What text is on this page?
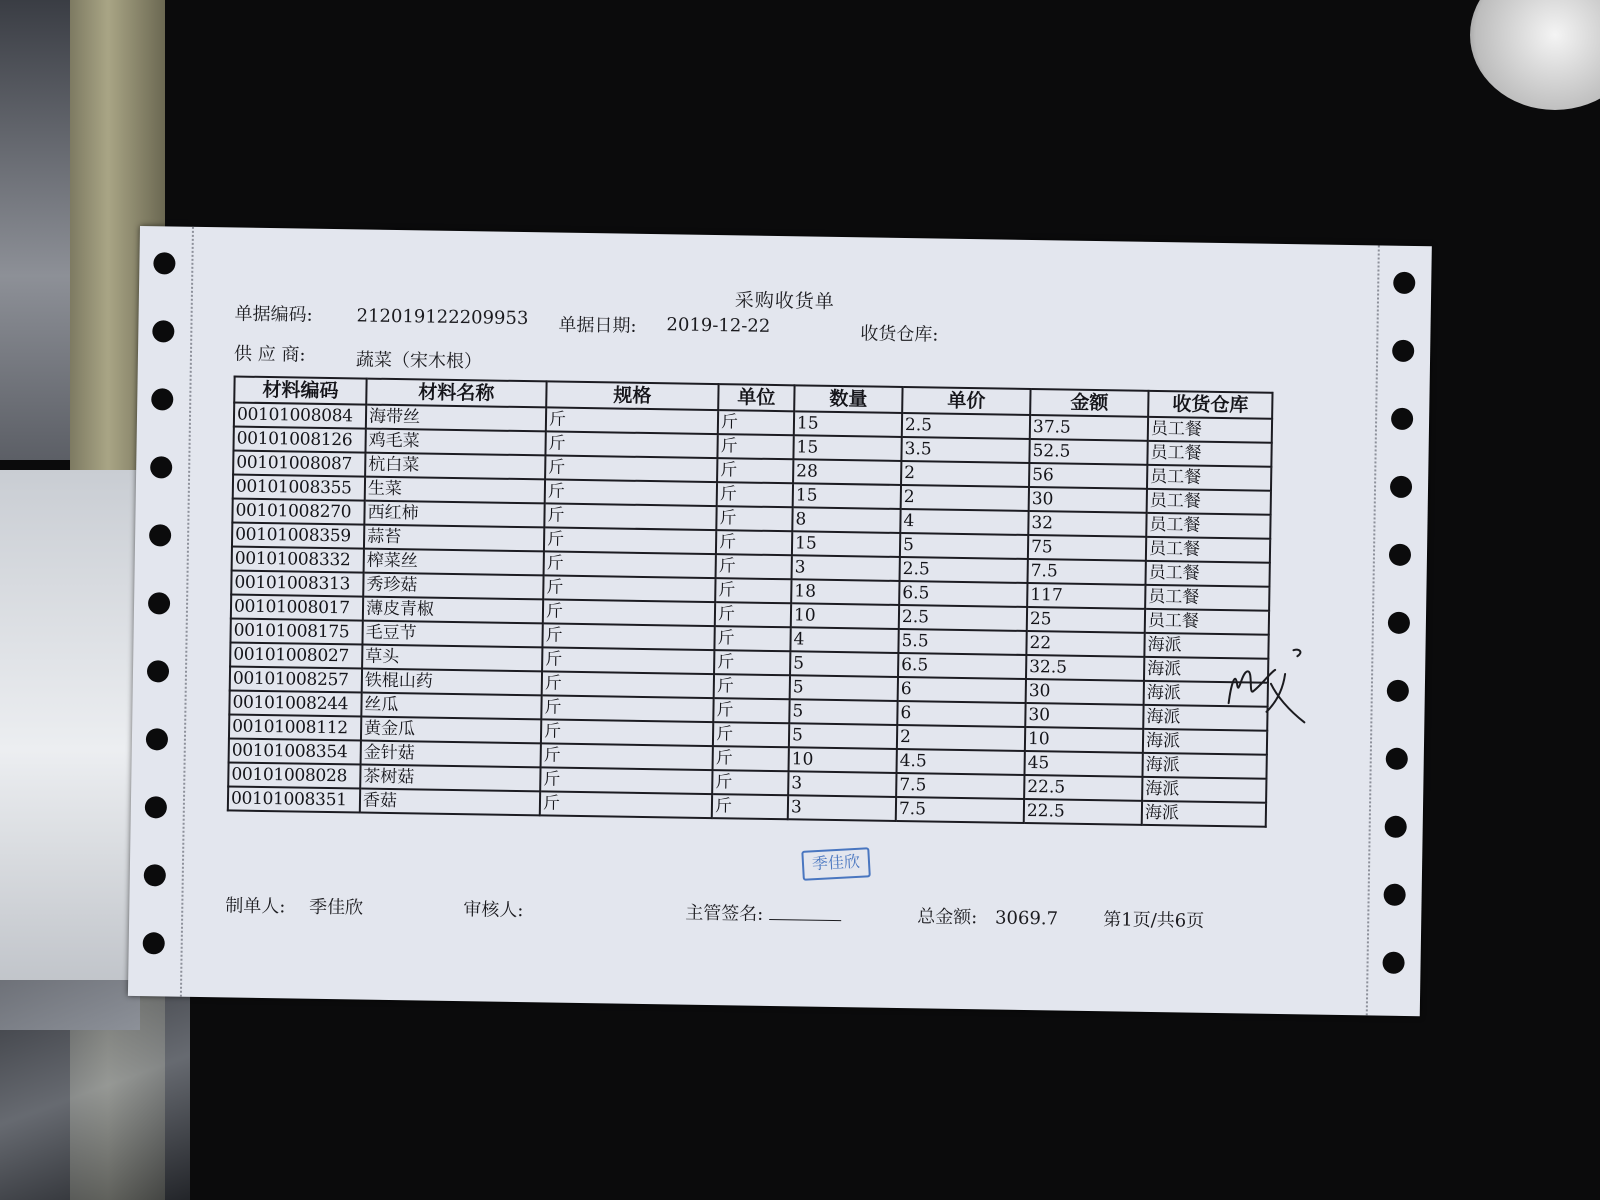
采购收货单
单据编码: 212019122209953 单据日期: 2019-12-22	收货仓库:
供 应 商:	蔬菜（宋木根）
材料编码	材料名称	规格	单位	数量	单价	金额	收货仓库
00101008084	海带丝	斤	斤	15	2.5	37.5	员工餐
00101008126	鸡毛菜	斤	斤	15	3.5	52.5	员工餐
00101008087	杭白菜	斤	斤	28	2	56	员工餐
00101008355	生菜	斤	斤	15	2	30	员工餐
00101008270	西红柿	斤	斤	8	4	32	员工餐
00101008359	蒜苔	斤	斤	15	5	75	员工餐
00101008332	榨菜丝	斤	斤	3	2.5	7.5	员工餐
00101008313	秀珍菇	斤	斤	18	6.5	117	员工餐
00101008017	薄皮青椒	斤	斤	10	2.5	25	员工餐
00101008175	毛豆节	斤	斤	4	5.5	22	海派
00101008027	草头	斤	斤	5	6.5	32.5	海派
00101008257	铁棍山药	斤	斤	5	6	30	海派
00101008244	丝瓜	斤	斤	5	6	30	海派
00101008112	黄金瓜	斤	斤	5	2	10	海派
00101008354	金针菇	斤	斤	10	4.5	45	海派
00101008028	茶树菇	斤	斤	3	7.5	22.5	海派
00101008351	香菇	斤	斤	3	7.5	22.5	海派
季佳欣
制单人: 季佳欣	审核人:	主管签名:	总金额: 3069.7 第1页/共6页
